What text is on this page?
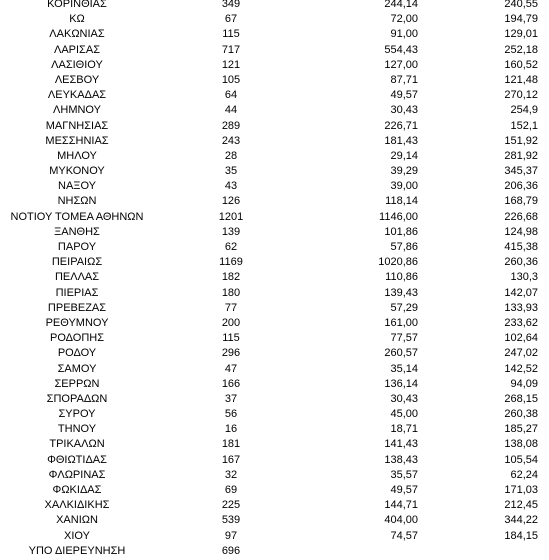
ΚΟΡΙΝΘΙΑΣ	349	244,14	240,55
ΚΩ	67	72,00	194,79
ΛΑΚΩΝΙΑΣ	115	91,00	129,01
ΛΑΡΙΣΑΣ	717	554,43	252,18
ΛΑΣΙΘΙΟΥ	121	127,00	160,52
ΛΕΣΒΟΥ	105	87,71	121,48
ΛΕΥΚΑΔΑΣ	64	49,57	270,12
ΛΗΜΝΟΥ	44	30,43	254,9
ΜΑΓΝΗΣΙΑΣ	289	226,71	152,1
ΜΕΣΣΗΝΙΑΣ	243	181,43	151,92
ΜΗΛΟΥ	28	29,14	281,92
ΜΥΚΟΝΟΥ	35	39,29	345,37
ΝΑΞΟΥ	43	39,00	206,36
ΝΗΣΩΝ	126	118,14	168,79
ΝΟΤΙΟΥ ΤΟΜΕΑ ΑΘΗΝΩΝ	1201	1146,00	226,68
ΞΑΝΘΗΣ	139	101,86	124,98
ΠΑΡΟΥ	62	57,86	415,38
ΠΕΙΡΑΙΩΣ	1169	1020,86	260,36
ΠΕΛΛΑΣ	182	110,86	130,3
ΠΙΕΡΙΑΣ	180	139,43	142,07
ΠΡΕΒΕΖΑΣ	77	57,29	133,93
ΡΕΘΥΜΝΟΥ	200	161,00	233,62
ΡΟΔΟΠΗΣ	115	77,57	102,64
ΡΟΔΟΥ	296	260,57	247,02
ΣΑΜΟΥ	47	35,14	142,52
ΣΕΡΡΩΝ	166	136,14	94,09
ΣΠΟΡΑΔΩΝ	37	30,43	268,15
ΣΥΡΟΥ	56	45,00	260,38
ΤΗΝΟΥ	16	18,71	185,27
ΤΡΙΚΑΛΩΝ	181	141,43	138,08
ΦΘΙΩΤΙΔΑΣ	167	138,43	105,54
ΦΛΩΡΙΝΑΣ	32	35,57	62,24
ΦΩΚΙΔΑΣ	69	49,57	171,03
ΧΑΛΚΙΔΙΚΗΣ	225	144,71	212,45
ΧΑΝΙΩΝ	539	404,00	344,22
ΧΙΟΥ	97	74,57	184,15
ΥΠΟ ΔΙΕΡΕΥΝΗΣΗ	696
